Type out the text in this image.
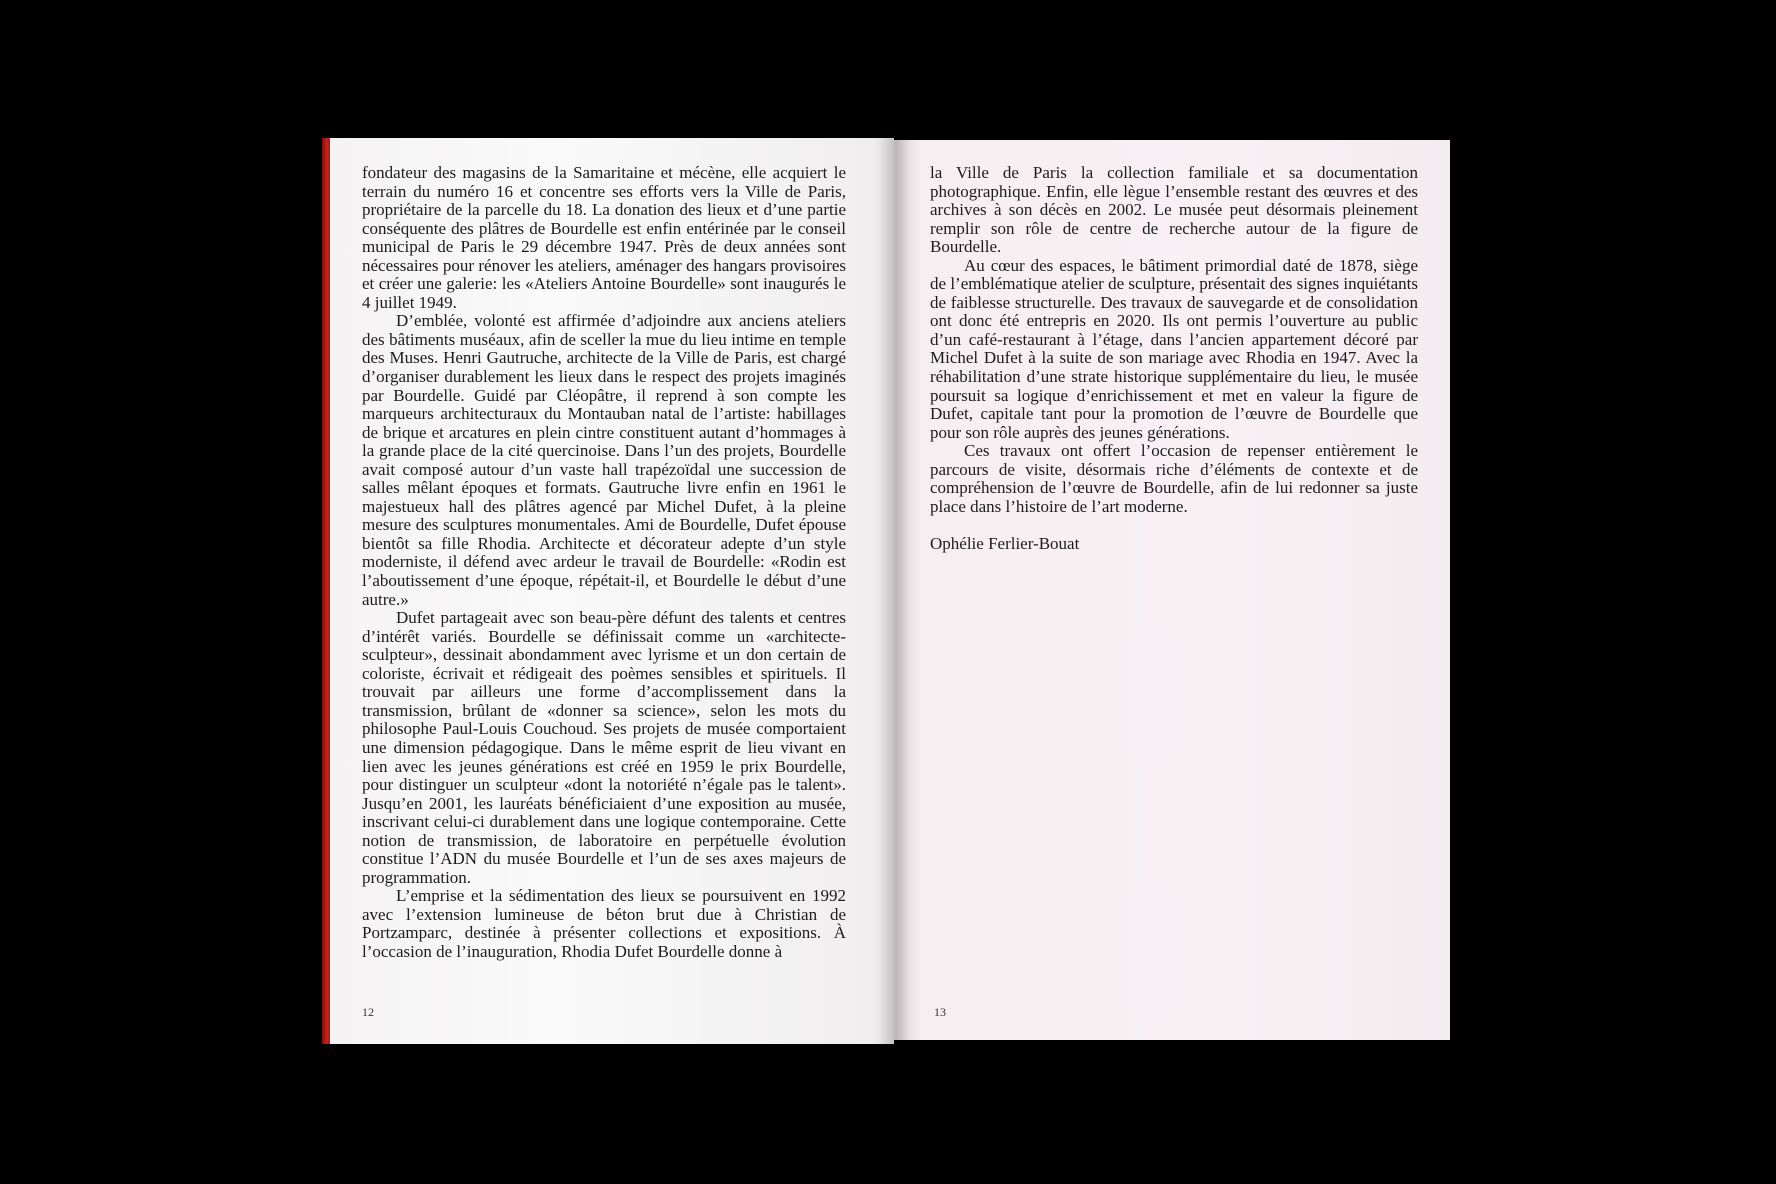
fondateur des magasins de la Samaritaine et mécène, elle acquiert le terrain du numéro 16 et concentre ses efforts vers la Ville de Paris, propriétaire de la parcelle du 18. La donation des lieux et d’une partie conséquente des plâtres de Bourdelle est enfin entérinée par le conseil municipal de Paris le 29 décembre 1947. Près de deux années sont nécessaires pour rénover les ateliers, aménager des hangars provisoires et créer une galerie: les «Ateliers Antoine Bourdelle» sont inaugurés le 4 juillet 1949.

D’emblée, volonté est affirmée d’adjoindre aux anciens ateliers des bâtiments muséaux, afin de sceller la mue du lieu intime en temple des Muses. Henri Gautruche, architecte de la Ville de Paris, est chargé d’organiser durablement les lieux dans le respect des projets imaginés par Bourdelle. Guidé par Cléopâtre, il reprend à son compte les marqueurs architecturaux du Montauban natal de l’artiste: habillages de brique et arcatures en plein cintre constituent autant d’hommages à la grande place de la cité quercinoise. Dans l’un des projets, Bourdelle avait composé autour d’un vaste hall trapézoïdal une succession de salles mêlant époques et formats. Gautruche livre enfin en 1961 le majestueux hall des plâtres agencé par Michel Dufet, à la pleine mesure des sculptures monumentales. Ami de Bourdelle, Dufet épouse bientôt sa fille Rhodia. Architecte et décorateur adepte d’un style moderniste, il défend avec ardeur le travail de Bourdelle: «Rodin est l’aboutissement d’une époque, répétait-il, et Bourdelle le début d’une autre.»

Dufet partageait avec son beau-père défunt des talents et centres d’intérêt variés. Bourdelle se définissait comme un «architecte-sculpteur», dessinait abondamment avec lyrisme et un don certain de coloriste, écrivait et rédigeait des poèmes sensibles et spirituels. Il trouvait par ailleurs une forme d’accomplissement dans la transmission, brûlant de «donner sa science», selon les mots du philosophe Paul-Louis Couchoud. Ses projets de musée comportaient une dimension pédagogique. Dans le même esprit de lieu vivant en lien avec les jeunes générations est créé en 1959 le prix Bourdelle, pour distinguer un sculpteur «dont la notoriété n’égale pas le talent». Jusqu’en 2001, les lauréats bénéficiaient d’une exposition au musée, inscrivant celui-ci durablement dans une logique contemporaine. Cette notion de transmission, de laboratoire en perpétuelle évolution constitue l’ADN du musée Bourdelle et l’un de ses axes majeurs de programmation.

L’emprise et la sédimentation des lieux se poursuivent en 1992 avec l’extension lumineuse de béton brut due à Christian de Portzamparc, destinée à présenter collections et expositions. À l’occasion de l’inauguration, Rhodia Dufet Bourdelle donne à

la Ville de Paris la collection familiale et sa documentation photographique. Enfin, elle lègue l’ensemble restant des œuvres et des archives à son décès en 2002. Le musée peut désormais pleinement remplir son rôle de centre de recherche autour de la figure de Bourdelle.

Au cœur des espaces, le bâtiment primordial daté de 1878, siège de l’emblématique atelier de sculpture, présentait des signes inquiétants de faiblesse structurelle. Des travaux de sauvegarde et de consolidation ont donc été entrepris en 2020. Ils ont permis l’ouverture au public d’un café-restaurant à l’étage, dans l’ancien appartement décoré par Michel Dufet à la suite de son mariage avec Rhodia en 1947. Avec la réhabilitation d’une strate historique supplémentaire du lieu, le musée poursuit sa logique d’enrichissement et met en valeur la figure de Dufet, capitale tant pour la promotion de l’œuvre de Bourdelle que pour son rôle auprès des jeunes générations.

Ces travaux ont offert l’occasion de repenser entièrement le parcours de visite, désormais riche d’éléments de contexte et de compréhension de l’œuvre de Bourdelle, afin de lui redonner sa juste place dans l’histoire de l’art moderne.

Ophélie Ferlier-Bouat

12	13
